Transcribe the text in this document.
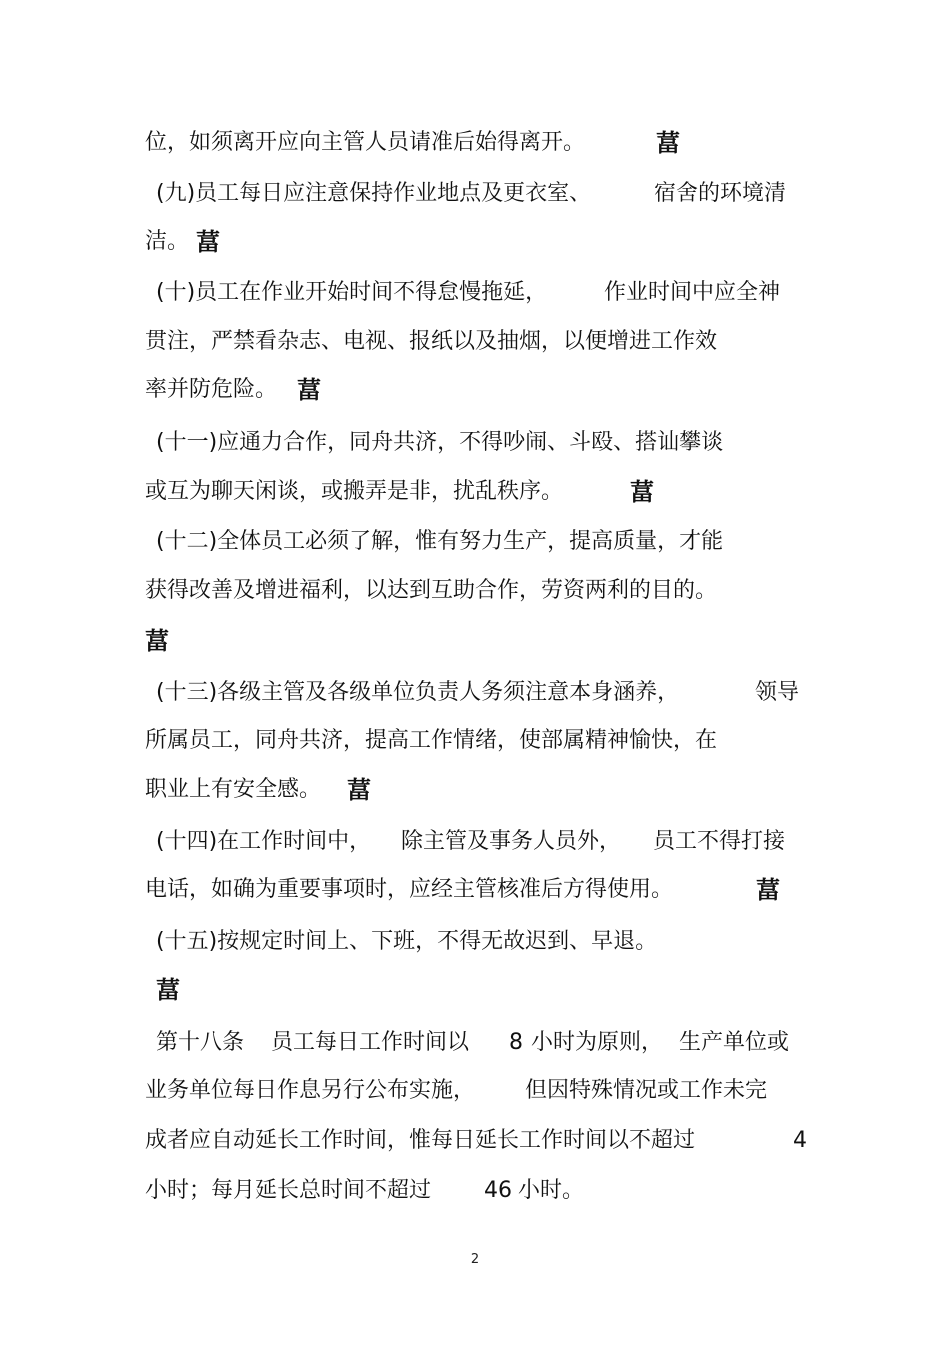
位，如须离开应向主管人员请准后始得离开。	葍
(九)员工每日应注意保持作业地点及更衣室、	宿舍的环境清
洁。 葍
(十)员工在作业开始时间不得怠慢拖延，	作业时间中应全神
贯注，严禁看杂志、电视、报纸以及抽烟，以便增进工作效
率并防危险。 葍
(十一)应通力合作，同舟共济，不得吵闹、斗殴、搭讪攀谈
或互为聊天闲谈，或搬弄是非，扰乱秩序。	葍
(十二)全体员工必须了解，惟有努力生产，提高质量，才能
获得改善及增进福利，以达到互助合作，劳资两利的目的。
葍
(十三)各级主管及各级单位负责人务须注意本身涵养，	领导
所属员工，同舟共济，提高工作情绪，使部属精神愉快，在
职业上有安全感。 葍
(十四)在工作时间中， 除主管及事务人员外， 员工不得打接
电话，如确为重要事项时，应经主管核准后方得使用。	葍
(十五)按规定时间上、下班，不得无故迟到、早退。
葍
第十八条 员工每日工作时间以 8 小时为原则， 生产单位或
业务单位每日作息另行公布实施， 但因特殊情况或工作未完
成者应自动延长工作时间，惟每日延长工作时间以不超过	4
小时；每月延长总时间不超过 46 小时。
2
